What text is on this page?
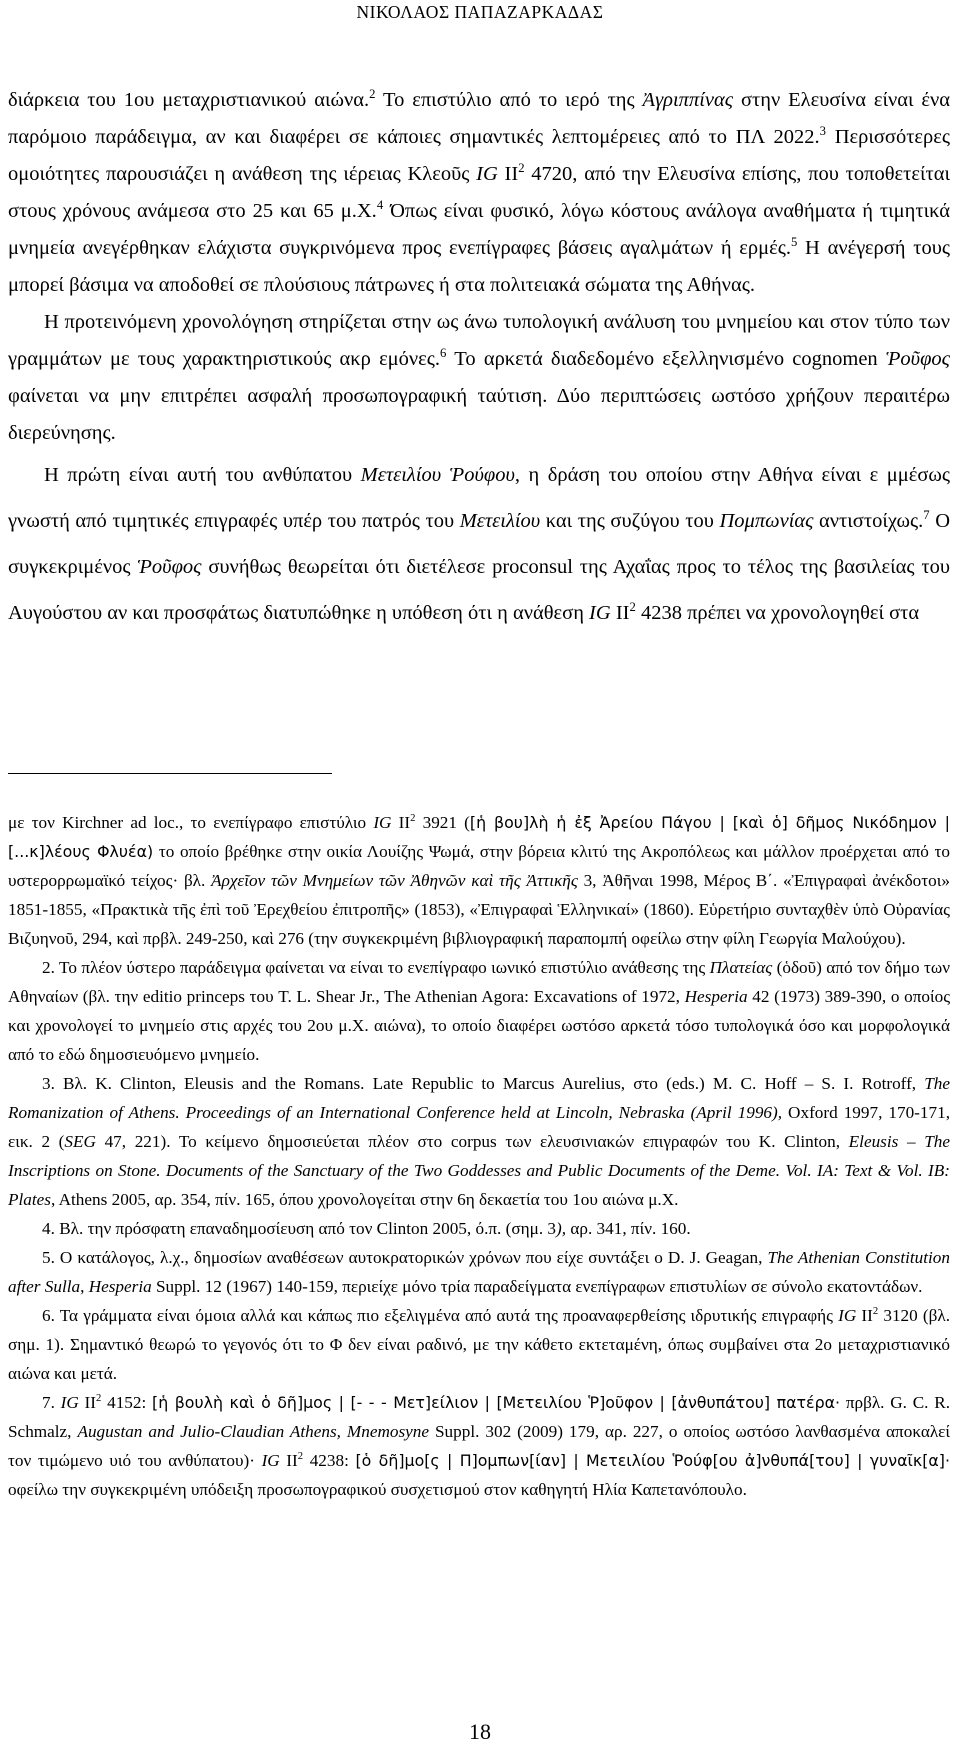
ΝΙΚΟΛΑΟΣ ΠΑΠΑΖΑΡΚΑΔΑΣ

διάρκεια του 1ου μεταχριστιανικού αιώνα.$^2$ Το επιστύλιο από το ιερό της Ἀγριππίνας στην Ελευσίνα είναι ένα παρόμοιο παράδειγμα, αν και διαφέρει σε κάποιες σημαντικές λεπτομέρειες από το ΠΛ 2022.$^3$ Περισσότερες ομοιότητες παρουσιάζει η ανάθεση της ιέρειας Κλεοῦς IG $II^2$ 4720, από την Ελευσίνα επίσης, που τοποθετείται στους χρόνους ανάμεσα στο 25 και 65 μ.Χ.$^4$ Όπως είναι φυσικό, λόγω κόστους ανάλογα αναθήματα ή τιμητικά μνημεία ανεγέρθηκαν ελάχιστα συγκρινόμενα προς ενεπίγραφες βάσεις αγαλμάτων ή ερμές.$^5$ Η ανέγερσή τους μπορεί βάσιμα να αποδοθεί σε πλούσιους πάτρωνες ή στα πολιτειακά σώματα της Αθήνας.

Η προτεινόμενη χρονολόγηση στηρίζεται στην ως άνω τυπολογική ανάλυση του μνημείου και στον τύπο των γραμμάτων με τους χαρακτηριστικούς ακρ εμόνες.$^6$ Το αρκετά διαδεδομένο εξελληνισμένο cognomen Ῥοῦφος φαίνεται να μην επιτρέπει ασφαλή προσωπογραφική ταύτιση. Δύο περιπτώσεις ωστόσο χρήζουν περαιτέρω διερεύνησης.

Η πρώτη είναι αυτή του ανθύπατου Μετειλίου Ῥούφου, η δράση του οποίου στην Αθήνα είναι ε μμέσως γνωστή από τιμητικές επιγραφές υπέρ του πατρός του Μετειλίου και της συζύγου του Πομπωνίας αντιστοίχως.$^7$ Ο συγκεκριμένος Ῥοῦφος συνήθως θεωρείται ότι διετέλεσε proconsul της Αχαΐας προς το τέλος της βασιλείας του Αυγούστου αν και προσφάτως διατυπώθηκε η υπόθεση ότι η ανάθεση IG $II^2$ 4238 πρέπει να χρονολογηθεί στα

με τον Kirchner ad loc., το ενεπίγραφο επιστύλιο IG $II^2$ 3921 ([ἡ βου]λὴ ἡ ἐξ Ἀρείου Πάγου | [καὶ ὁ] δῆμος Νικόδημον | [...κ]λέους Φλυέα) το οποίο βρέθηκε στην οικία Λουίζης Ψωμά, στην βόρεια κλιτύ της Ακροπόλεως και μάλλον προέρχεται από το υστερορρωμαϊκό τείχος· βλ. Ἀρχεῖον τῶν Μνημείων τῶν Ἀθηνῶν καὶ τῆς Ἀττικῆς 3, Ἀθῆναι 1998, Μέρος Β΄. «Ἐπιγραφαὶ ἀνέκδοτοι» 1851-1855, «Πρακτικὰ τῆς ἐπὶ τοῦ Ἐρεχθείου ἐπιτροπῆς» (1853), «Ἐπιγραφαὶ Ἑλληνικαί» (1860). Εὑρετήριο συνταχθὲν ὑπὸ Οὐρανίας Βιζυηνοῦ, 294, καὶ πρβλ. 249-250, καὶ 276 (την συγκεκριμένη βιβλιογραφική παραπομπή οφείλω στην φίλη Γεωργία Μαλούχου).

2. Το πλέον ύστερο παράδειγμα φαίνεται να είναι το ενεπίγραφο ιωνικό επιστύλιο ανάθεσης της Πλατείας (ὁδοῦ) από τον δήμο των Αθηναίων (βλ. την editio princeps του T. L. Shear Jr., The Athenian Agora: Excavations of 1972, Hesperia 42 (1973) 389-390, ο οποίος και χρονολογεί το μνημείο στις αρχές του 2ου μ.Χ. αιώνα), το οποίο διαφέρει ωστόσο αρκετά τόσο τυπολογικά όσο και μορφολογικά από το εδώ δημοσιευόμενο μνημείο.

3. Βλ. K. Clinton, Eleusis and the Romans. Late Republic to Marcus Aurelius, στο (eds.) M. C. Hoff – S. I. Rotroff, The Romanization of Athens. Proceedings of an International Conference held at Lincoln, Nebraska (April 1996), Oxford 1997, 170-171, εικ. 2 (SEG 47, 221). Το κείμενο δημοσιεύεται πλέον στο corpus των ελευσινιακών επιγραφών του K. Clinton, Eleusis – The Inscriptions on Stone. Documents of the Sanctuary of the Two Goddesses and Public Documents of the Deme. Vol. IA: Text & Vol. IB: Plates, Athens 2005, αρ. 354, πίν. 165, όπου χρονολογείται στην 6η δεκαετία του 1ου αιώνα μ.Χ.

4. Βλ. την πρόσφατη επαναδημοσίευση από τον Clinton 2005, ό.π. (σημ. 3), αρ. 341, πίν. 160.

5. Ο κατάλογος, λ.χ., δημοσίων αναθέσεων αυτοκρατορικών χρόνων που είχε συντάξει ο D. J. Geagan, The Athenian Constitution after Sulla, Hesperia Suppl. 12 (1967) 140-159, περιείχε μόνο τρία παραδείγματα ενεπίγραφων επιστυλίων σε σύνολο εκατοντάδων.

6. Τα γράμματα είναι όμοια αλλά και κάπως πιο εξελιγμένα από αυτά της προαναφερθείσης ιδρυτικής επιγραφής IG $II^2$ 3120 (βλ. σημ. 1). Σημαντικό θεωρώ το γεγονός ότι το Φ δεν είναι ραδινό, με την κάθετο εκτεταμένη, όπως συμβαίνει στα 2ο μεταχριστιανικό αιώνα και μετά.

7. IG $II^2$ 4152: [ἡ βουλὴ καὶ ὁ δῆ]μος | [- - - Μετ]είλιον | [Μετειλίου Ῥ]οῦφον | [ἀνθυπάτου] πατέρα· πρβλ. G. C. R. Schmalz, Augustan and Julio-Claudian Athens, Mnemosyne Suppl. 302 (2009) 179, αρ. 227, ο οποίος ωστόσο λανθασμένα αποκαλεί τον τιμώμενο υιό του ανθύπατου)· IG $II^2$ 4238: [ὁ δῆ]μο[ς | Π]ομπων[ίαν] | Μετειλίου Ῥούφ[ου ἀ]νθυπά[του] | γυναῖκ[α]· οφείλω την συγκεκριμένη υπόδειξη προσωπογραφικού συσχετισμού στον καθηγητή Ηλία Καπετανόπουλο.

18
